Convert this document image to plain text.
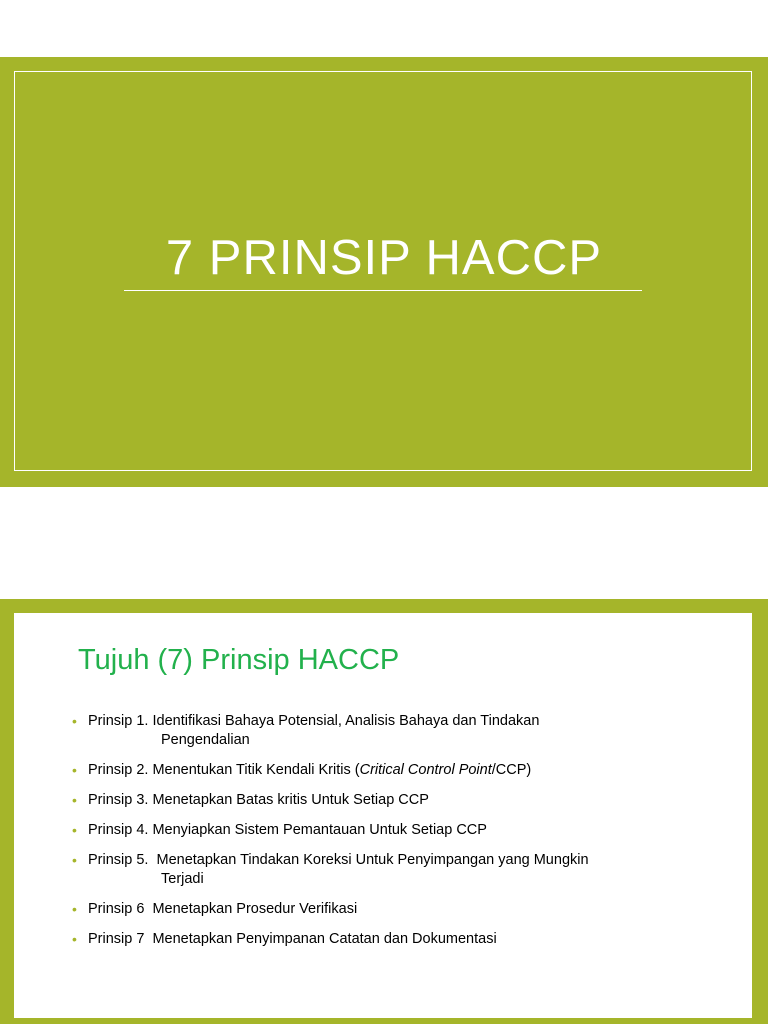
7 PRINSIP HACCP
Tujuh (7) Prinsip HACCP
• Prinsip 1. Identifikasi Bahaya Potensial, Analisis Bahaya dan Tindakan
Pengendalian
• Prinsip 2. Menentukan Titik Kendali Kritis (Critical Control Point/CCP)
• Prinsip 3. Menetapkan Batas kritis Untuk Setiap CCP
• Prinsip 4. Menyiapkan Sistem Pemantauan Untuk Setiap CCP
• Prinsip 5.  Menetapkan Tindakan Koreksi Untuk Penyimpangan yang Mungkin
Terjadi
• Prinsip 6  Menetapkan Prosedur Verifikasi
• Prinsip 7  Menetapkan Penyimpanan Catatan dan Dokumentasi
